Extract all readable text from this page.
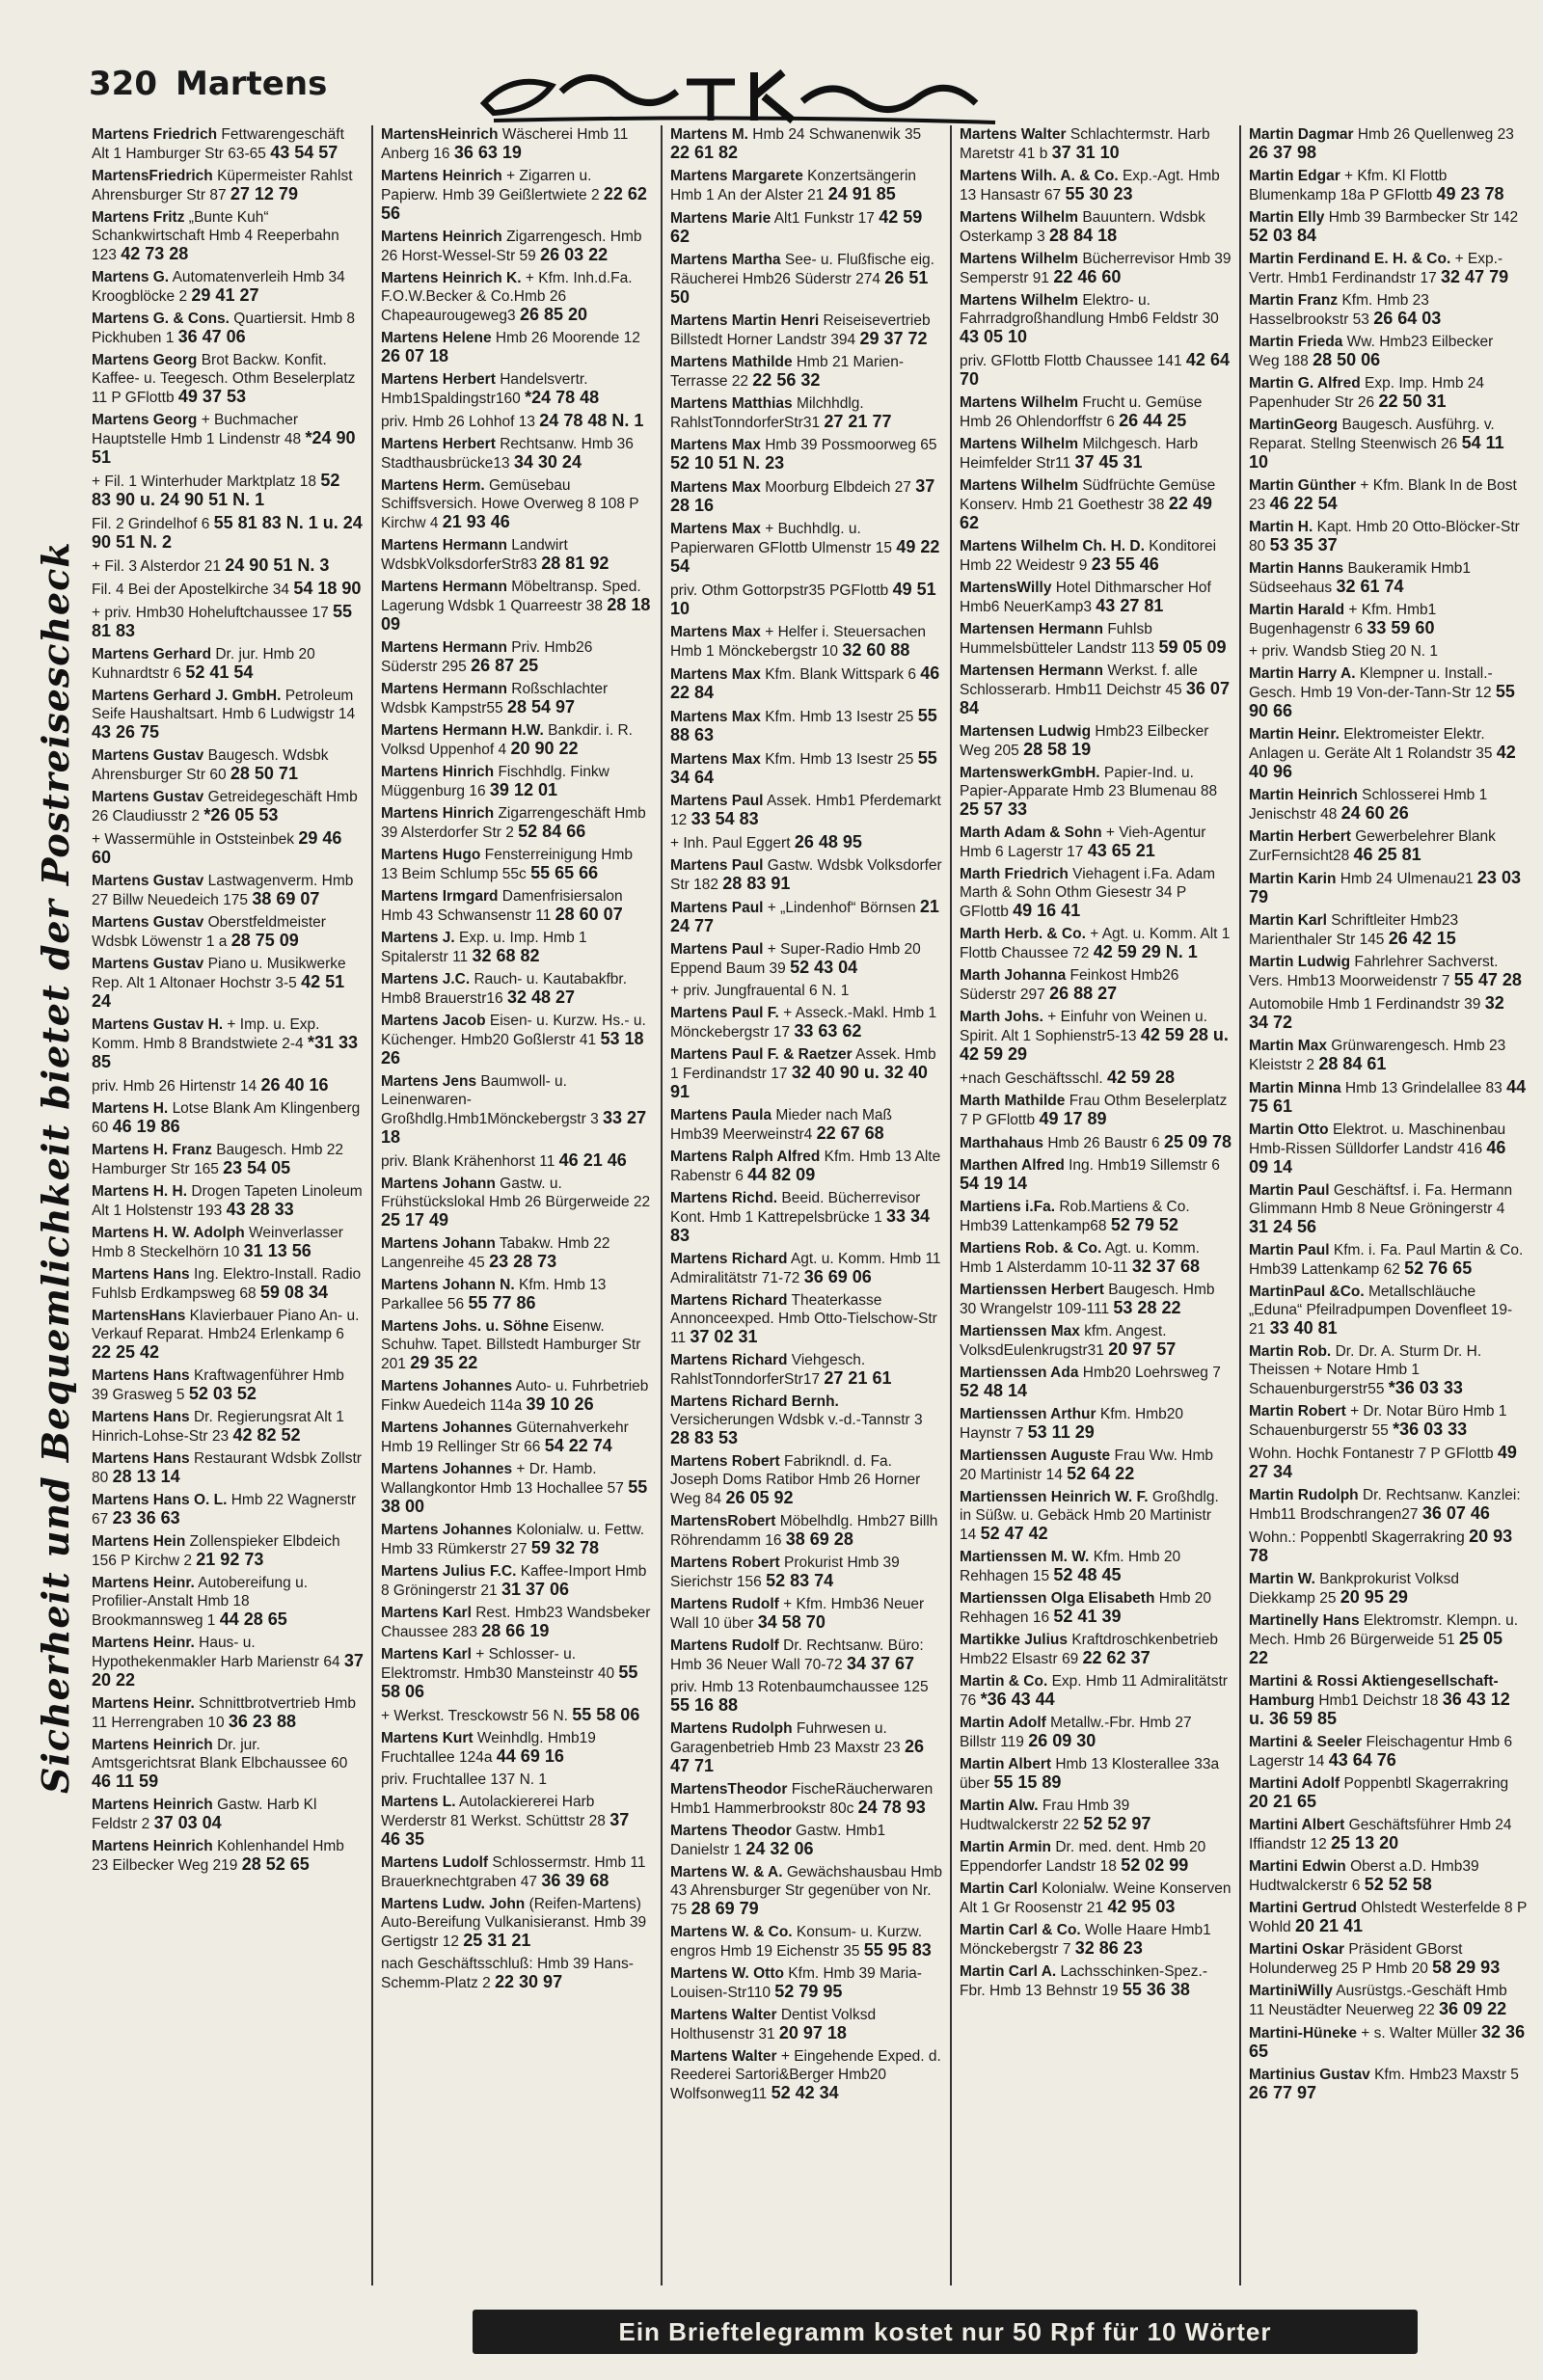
320 Martens
Sicherheit und Bequemlichkeit bietet der Postreisescheck
Martens Friedrich Fettwarengeschäft Alt 1 Hamburger Str 63-65 43 54 57
MartensFriedrich Küpermeister Rahlst Ahrensburger Str 87 27 12 79
Martens Fritz „Bunte Kuh“ Schankwirtschaft Hmb 4 Reeperbahn 123 42 73 28
Martens G. Automatenverleih Hmb 34 Kroogblöcke 2 29 41 27
Martens G. & Cons. Quartiersit. Hmb 8 Pickhuben 1 36 47 06
Martens Georg Brot Backw. Konfit. Kaffee- u. Teegesch. Othm Beselerplatz 11 P GFlottb 49 37 53
Martens Georg + Buchmacher Hauptstelle Hmb 1 Lindenstr 48 *24 90 51
+ Fil. 1 Winterhuder Marktplatz 18 52 83 90 u. 24 90 51 N. 1
Fil. 2 Grindelhof 6 55 81 83 N. 1 u. 24 90 51 N. 2
+ Fil. 3 Alsterdor 21 24 90 51 N. 3
Fil. 4 Bei der Apostelkirche 34 54 18 90
+ priv. Hmb30 Hoheluftchaussee 17 55 81 83
Martens Gerhard Dr. jur. Hmb 20 Kuhnardtstr 6 52 41 54
Martens Gerhard J. GmbH. Petroleum Seife Haushaltsart. Hmb 6 Ludwigstr 14 43 26 75
Martens Gustav Baugesch. Wdsbk Ahrensburger Str 60 28 50 71
Martens Gustav Getreidegeschäft Hmb 26 Claudiusstr 2 *26 05 53
+ Wassermühle in Oststeinbek 29 46 60
Martens Gustav Lastwagenverm. Hmb 27 Billw Neuedeich 175 38 69 07
Martens Gustav Oberstfeldmeister Wdsbk Löwenstr 1 a 28 75 09
Martens Gustav Piano u. Musikwerke Rep. Alt 1 Altonaer Hochstr 3-5 42 51 24
Martens Gustav H. + Imp. u. Exp. Komm. Hmb 8 Brandstwiete 2-4 *31 33 85
priv. Hmb 26 Hirtenstr 14 26 40 16
Martens H. Lotse Blank Am Klingenberg 60 46 19 86
Martens H. Franz Baugesch. Hmb 22 Hamburger Str 165 23 54 05
Martens H. H. Drogen Tapeten Linoleum Alt 1 Holstenstr 193 43 28 33
Martens H. W. Adolph Weinverlasser Hmb 8 Steckelhörn 10 31 13 56
Martens Hans Ing. Elektro-Install. Radio Fuhlsb Erdkampsweg 68 59 08 34
MartensHans Klavierbauer Piano An- u. Verkauf Reparat. Hmb24 Erlenkamp 6 22 25 42
Martens Hans Kraftwagenführer Hmb 39 Grasweg 5 52 03 52
Martens Hans Dr. Regierungsrat Alt 1 Hinrich-Lohse-Str 23 42 82 52
Martens Hans Restaurant Wdsbk Zollstr 80 28 13 14
Martens Hans O. L. Hmb 22 Wagnerstr 67 23 36 63
Martens Hein Zollenspieker Elbdeich 156 P Kirchw 2 21 92 73
Martens Heinr. Autobereifung u. Profilier-Anstalt Hmb 18 Brookmannsweg 1 44 28 65
Martens Heinr. Haus- u. Hypothekenmakler Harb Marienstr 64 37 20 22
Martens Heinr. Schnittbrotvertrieb Hmb 11 Herrengraben 10 36 23 88
Martens Heinrich Dr. jur. Amtsgerichtsrat Blank Elbchaussee 60 46 11 59
Martens Heinrich Gastw. Harb Kl Feldstr 2 37 03 04
Martens Heinrich Kohlenhandel Hmb 23 Eilbecker Weg 219 28 52 65
MartensHeinrich Wäscherei Hmb 11 Anberg 16 36 63 19
Martens Heinrich + Zigarren u. Papierw. Hmb 39 Geißlertwiete 2 22 62 56
Martens Heinrich Zigarrengesch. Hmb 26 Horst-Wessel-Str 59 26 03 22
Martens Heinrich K. + Kfm. Inh.d.Fa. F.O.W.Becker & Co.Hmb 26 Chapeaurougeweg3 26 85 20
Martens Helene Hmb 26 Moorende 12 26 07 18
Martens Herbert Handelsvertr. Hmb1Spaldingstr160 *24 78 48
priv. Hmb 26 Lohhof 13 24 78 48 N. 1
Martens Herbert Rechtsanw. Hmb 36 Stadthausbrücke13 34 30 24
Martens Herm. Gemüsebau Schiffsversich. Howe Overweg 8 108 P Kirchw 4 21 93 46
Martens Hermann Landwirt WdsbkVolksdorferStr83 28 81 92
Martens Hermann Möbeltransp. Sped. Lagerung Wdsbk 1 Quarreestr 38 28 18 09
Martens Hermann Priv. Hmb26 Süderstr 295 26 87 25
Martens Hermann Roßschlachter Wdsbk Kampstr55 28 54 97
Martens Hermann H.W. Bankdir. i. R. Volksd Uppenhof 4 20 90 22
Martens Hinrich Fischhdlg. Finkw Müggenburg 16 39 12 01
Martens Hinrich Zigarrengeschäft Hmb 39 Alsterdorfer Str 2 52 84 66
Martens Hugo Fensterreinigung Hmb 13 Beim Schlump 55c 55 65 66
Martens Irmgard Damenfrisiersalon Hmb 43 Schwansenstr 11 28 60 07
Martens J. Exp. u. Imp. Hmb 1 Spitalerstr 11 32 68 82
Martens J.C. Rauch- u. Kautabakfbr. Hmb8 Brauerstr16 32 48 27
Martens Jacob Eisen- u. Kurzw. Hs.- u. Küchenger. Hmb20 Goßlerstr 41 53 18 26
Martens Jens Baumwoll- u. Leinenwaren-Großhdlg.Hmb1Mönckebergstr 3 33 27 18
priv. Blank Krähenhorst 11 46 21 46
Martens Johann Gastw. u. Frühstückslokal Hmb 26 Bürgerweide 22 25 17 49
Martens Johann Tabakw. Hmb 22 Langenreihe 45 23 28 73
Martens Johann N. Kfm. Hmb 13 Parkallee 56 55 77 86
Martens Johs. u. Söhne Eisenw. Schuhw. Tapet. Billstedt Hamburger Str 201 29 35 22
Martens Johannes Auto- u. Fuhrbetrieb Finkw Auedeich 114a 39 10 26
Martens Johannes Güternahverkehr Hmb 19 Rellinger Str 66 54 22 74
Martens Johannes + Dr. Hamb. Wallangkontor Hmb 13 Hochallee 57 55 38 00
Martens Johannes Kolonialw. u. Fettw. Hmb 33 Rümkerstr 27 59 32 78
Martens Julius F.C. Kaffee-Import Hmb 8 Gröningerstr 21 31 37 06
Martens Karl Rest. Hmb23 Wandsbeker Chaussee 283 28 66 19
Martens Karl + Schlosser- u. Elektromstr. Hmb30 Mansteinstr 40 55 58 06
+ Werkst. Tresckowstr 56 N. 55 58 06
Martens Kurt Weinhdlg. Hmb19 Fruchtallee 124a 44 69 16
priv. Fruchtallee 137 N. 1
Martens L. Autolackiererei Harb Werderstr 81 Werkst. Schüttstr 28 37 46 35
Martens Ludolf Schlossermstr. Hmb 11 Brauerknechtgraben 47 36 39 68
Martens Ludw. John (Reifen-Martens) Auto-Bereifung Vulkanisieranst. Hmb 39 Gertigstr 12 25 31 21
nach Geschäftsschluß: Hmb 39 Hans-Schemm-Platz 2 22 30 97
Martens M. Hmb 24 Schwanenwik 35 22 61 82
Martens Margarete Konzertsängerin Hmb 1 An der Alster 21 24 91 85
Martens Marie Alt1 Funkstr 17 42 59 62
Martens Martha See- u. Flußfische eig. Räucherei Hmb26 Süderstr 274 26 51 50
Martens Martin Henri Reiseisevertrieb Billstedt Horner Landstr 394 29 37 72
Martens Mathilde Hmb 21 Marien-Terrasse 22 22 56 32
Martens Matthias Milchhdlg. RahlstTonndorferStr31 27 21 77
Martens Max Hmb 39 Possmoorweg 65 52 10 51 N. 23
Martens Max Moorburg Elbdeich 27 37 28 16
Martens Max + Buchhdlg. u. Papierwaren GFlottb Ulmenstr 15 49 22 54
priv. Othm Gottorpstr35 PGFlottb 49 51 10
Martens Max + Helfer i. Steuersachen Hmb 1 Mönckebergstr 10 32 60 88
Martens Max Kfm. Blank Wittspark 6 46 22 84
Martens Max Kfm. Hmb 13 Isestr 25 55 88 63
Martens Max Kfm. Hmb 13 Isestr 25 55 34 64
Martens Paul Assek. Hmb1 Pferdemarkt 12 33 54 83
+ Inh. Paul Eggert 26 48 95
Martens Paul Gastw. Wdsbk Volksdorfer Str 182 28 83 91
Martens Paul + „Lindenhof“ Börnsen 21 24 77
Martens Paul + Super-Radio Hmb 20 Eppend Baum 39 52 43 04
+ priv. Jungfrauental 6 N. 1
Martens Paul F. + Asseck.-Makl. Hmb 1 Mönckebergstr 17 33 63 62
Martens Paul F. & Raetzer Assek. Hmb 1 Ferdinandstr 17 32 40 90 u. 32 40 91
Martens Paula Mieder nach Maß Hmb39 Meerweinstr4 22 67 68
Martens Ralph Alfred Kfm. Hmb 13 Alte Rabenstr 6 44 82 09
Martens Richd. Beeid. Bücherrevisor Kont. Hmb 1 Kattrepelsbrücke 1 33 34 83
Martens Richard Agt. u. Komm. Hmb 11 Admiralitätstr 71-72 36 69 06
Martens Richard Theaterkasse Annonceexped. Hmb Otto-Tielschow-Str 11 37 02 31
Martens Richard Viehgesch. RahlstTonndorferStr17 27 21 61
Martens Richard Bernh. Versicherungen Wdsbk v.-d.-Tannstr 3 28 83 53
Martens Robert Fabrikndl. d. Fa. Joseph Doms Ratibor Hmb 26 Horner Weg 84 26 05 92
MartensRobert Möbelhdlg. Hmb27 Billh Röhrendamm 16 38 69 28
Martens Robert Prokurist Hmb 39 Sierichstr 156 52 83 74
Martens Rudolf + Kfm. Hmb36 Neuer Wall 10 über 34 58 70
Martens Rudolf Dr. Rechtsanw. Büro: Hmb 36 Neuer Wall 70-72 34 37 67
priv. Hmb 13 Rotenbaumchaussee 125 55 16 88
Martens Rudolph Fuhrwesen u. Garagenbetrieb Hmb 23 Maxstr 23 26 47 71
MartensTheodor FischeRäucherwaren Hmb1 Hammerbrookstr 80c 24 78 93
Martens Theodor Gastw. Hmb1 Danielstr 1 24 32 06
Martens W. & A. Gewächshausbau Hmb 43 Ahrensburger Str gegenüber von Nr. 75 28 69 79
Martens W. & Co. Konsum- u. Kurzw. engros Hmb 19 Eichenstr 35 55 95 83
Martens W. Otto Kfm. Hmb 39 Maria-Louisen-Str110 52 79 95
Martens Walter Dentist Volksd Holthusenstr 31 20 97 18
Martens Walter + Eingehende Exped. d. Reederei Sartori&Berger Hmb20 Wolfsonweg11 52 42 34
Martens Walter Schlachtermstr. Harb Maretstr 41 b 37 31 10
Martens Wilh. A. & Co. Exp.-Agt. Hmb 13 Hansastr 67 55 30 23
Martens Wilhelm Bauuntern. Wdsbk Osterkamp 3 28 84 18
Martens Wilhelm Bücherrevisor Hmb 39 Semperstr 91 22 46 60
Martens Wilhelm Elektro- u. Fahrradgroßhandlung Hmb6 Feldstr 30 43 05 10
priv. GFlottb Flottb Chaussee 141 42 64 70
Martens Wilhelm Frucht u. Gemüse Hmb 26 Ohlendorffstr 6 26 44 25
Martens Wilhelm Milchgesch. Harb Heimfelder Str11 37 45 31
Martens Wilhelm Südfrüchte Gemüse Konserv. Hmb 21 Goethestr 38 22 49 62
Martens Wilhelm Ch. H. D. Konditorei Hmb 22 Weidestr 9 23 55 46
MartensWilly Hotel Dithmarscher Hof Hmb6 NeuerKamp3 43 27 81
Martensen Hermann Fuhlsb Hummelsbütteler Landstr 113 59 05 09
Martensen Hermann Werkst. f. alle Schlosserarb. Hmb11 Deichstr 45 36 07 84
Martensen Ludwig Hmb23 Eilbecker Weg 205 28 58 19
MartenswerkGmbH. Papier-Ind. u. Papier-Apparate Hmb 23 Blumenau 88 25 57 33
Marth Adam & Sohn + Vieh-Agentur Hmb 6 Lagerstr 17 43 65 21
Marth Friedrich Viehagent i.Fa. Adam Marth & Sohn Othm Giesestr 34 P GFlottb 49 16 41
Marth Herb. & Co. + Agt. u. Komm. Alt 1 Flottb Chaussee 72 42 59 29 N. 1
Marth Johanna Feinkost Hmb26 Süderstr 297 26 88 27
Marth Johs. + Einfuhr von Weinen u. Spirit. Alt 1 Sophienstr5-13 42 59 28 u. 42 59 29
+nach Geschäftsschl. 42 59 28
Marth Mathilde Frau Othm Beselerplatz 7 P GFlottb 49 17 89
Marthahaus Hmb 26 Baustr 6 25 09 78
Marthen Alfred Ing. Hmb19 Sillemstr 6 54 19 14
Martiens i.Fa. Rob.Martiens & Co. Hmb39 Lattenkamp68 52 79 52
Martiens Rob. & Co. Agt. u. Komm. Hmb 1 Alsterdamm 10-11 32 37 68
Martienssen Herbert Baugesch. Hmb 30 Wrangelstr 109-111 53 28 22
Martienssen Max kfm. Angest. VolksdEulenkrugstr31 20 97 57
Martienssen Ada Hmb20 Loehrsweg 7 52 48 14
Martienssen Arthur Kfm. Hmb20 Haynstr 7 53 11 29
Martienssen Auguste Frau Ww. Hmb 20 Martinistr 14 52 64 22
Martienssen Heinrich W. F. Großhdlg. in Süßw. u. Gebäck Hmb 20 Martinistr 14 52 47 42
Martienssen M. W. Kfm. Hmb 20 Rehhagen 15 52 48 45
Martienssen Olga Elisabeth Hmb 20 Rehhagen 16 52 41 39
Martikke Julius Kraftdroschkenbetrieb Hmb22 Elsastr 69 22 62 37
Martin & Co. Exp. Hmb 11 Admiralitätstr 76 *36 43 44
Martin Adolf Metallw.-Fbr. Hmb 27 Billstr 119 26 09 30
Martin Albert Hmb 13 Klosterallee 33a über 55 15 89
Martin Alw. Frau Hmb 39 Hudtwalckerstr 22 52 52 97
Martin Armin Dr. med. dent. Hmb 20 Eppendorfer Landstr 18 52 02 99
Martin Carl Kolonialw. Weine Konserven Alt 1 Gr Roosenstr 21 42 95 03
Martin Carl & Co. Wolle Haare Hmb1 Mönckebergstr 7 32 86 23
Martin Carl A. Lachsschinken-Spez.-Fbr. Hmb 13 Behnstr 19 55 36 38
Martin Dagmar Hmb 26 Quellenweg 23 26 37 98
Martin Edgar + Kfm. Kl Flottb Blumenkamp 18a P GFlottb 49 23 78
Martin Elly Hmb 39 Barmbecker Str 142 52 03 84
Martin Ferdinand E. H. & Co. + Exp.-Vertr. Hmb1 Ferdinandstr 17 32 47 79
Martin Franz Kfm. Hmb 23 Hasselbrookstr 53 26 64 03
Martin Frieda Ww. Hmb23 Eilbecker Weg 188 28 50 06
Martin G. Alfred Exp. Imp. Hmb 24 Papenhuder Str 26 22 50 31
MartinGeorg Baugesch. Ausführg. v. Reparat. Stellng Steenwisch 26 54 11 10
Martin Günther + Kfm. Blank In de Bost 23 46 22 54
Martin H. Kapt. Hmb 20 Otto-Blöcker-Str 80 53 35 37
Martin Hanns Baukeramik Hmb1 Südseehaus 32 61 74
Martin Harald + Kfm. Hmb1 Bugenhagenstr 6 33 59 60
+ priv. Wandsb Stieg 20 N. 1
Martin Harry A. Klempner u. Install.-Gesch. Hmb 19 Von-der-Tann-Str 12 55 90 66
Martin Heinr. Elektromeister Elektr. Anlagen u. Geräte Alt 1 Rolandstr 35 42 40 96
Martin Heinrich Schlosserei Hmb 1 Jenischstr 48 24 60 26
Martin Herbert Gewerbelehrer Blank ZurFernsicht28 46 25 81
Martin Karin Hmb 24 Ulmenau21 23 03 79
Martin Karl Schriftleiter Hmb23 Marienthaler Str 145 26 42 15
Martin Ludwig Fahrlehrer Sachverst. Vers. Hmb13 Moorweidenstr 7 55 47 28
Automobile Hmb 1 Ferdinandstr 39 32 34 72
Martin Max Grünwarengesch. Hmb 23 Kleiststr 2 28 84 61
Martin Minna Hmb 13 Grindelallee 83 44 75 61
Martin Otto Elektrot. u. Maschinenbau Hmb-Rissen Sülldorfer Landstr 416 46 09 14
Martin Paul Geschäftsf. i. Fa. Hermann Glimmann Hmb 8 Neue Gröningerstr 4 31 24 56
Martin Paul Kfm. i. Fa. Paul Martin & Co. Hmb39 Lattenkamp 62 52 76 65
MartinPaul &Co. Metallschläuche „Eduna“ Pfeilradpumpen Dovenfleet 19-21 33 40 81
Martin Rob. Dr. Dr. A. Sturm Dr. H. Theissen + Notare Hmb 1 Schauenburgerstr55 *36 03 33
Martin Robert + Dr. Notar Büro Hmb 1 Schauenburgerstr 55 *36 03 33
Wohn. Hochk Fontanestr 7 P GFlottb 49 27 34
Martin Rudolph Dr. Rechtsanw. Kanzlei: Hmb11 Brodschrangen27 36 07 46
Wohn.: Poppenbtl Skagerrakring 20 93 78
Martin W. Bankprokurist Volksd Diekkamp 25 20 95 29
Martinelly Hans Elektromstr. Klempn. u. Mech. Hmb 26 Bürgerweide 51 25 05 22
Martini & Rossi Aktiengesellschaft-Hamburg Hmb1 Deichstr 18 36 43 12 u. 36 59 85
Martini & Seeler Fleischagentur Hmb 6 Lagerstr 14 43 64 76
Martini Adolf Poppenbtl Skagerrakring 20 21 65
Martini Albert Geschäftsführer Hmb 24 Iffiandstr 12 25 13 20
Martini Edwin Oberst a.D. Hmb39 Hudtwalckerstr 6 52 52 58
Martini Gertrud Ohlstedt Westerfelde 8 P Wohld 20 21 41
Martini Oskar Präsident GBorst Holunderweg 25 P Hmb 20 58 29 93
MartiniWilly Ausrüstgs.-Geschäft Hmb 11 Neustädter Neuerweg 22 36 09 22
Martini-Hüneke + s. Walter Müller 32 36 65
Martinius Gustav Kfm. Hmb23 Maxstr 5 26 77 97
Ein Brieftelegramm kostet nur 50 Rpf für 10 Wörter
